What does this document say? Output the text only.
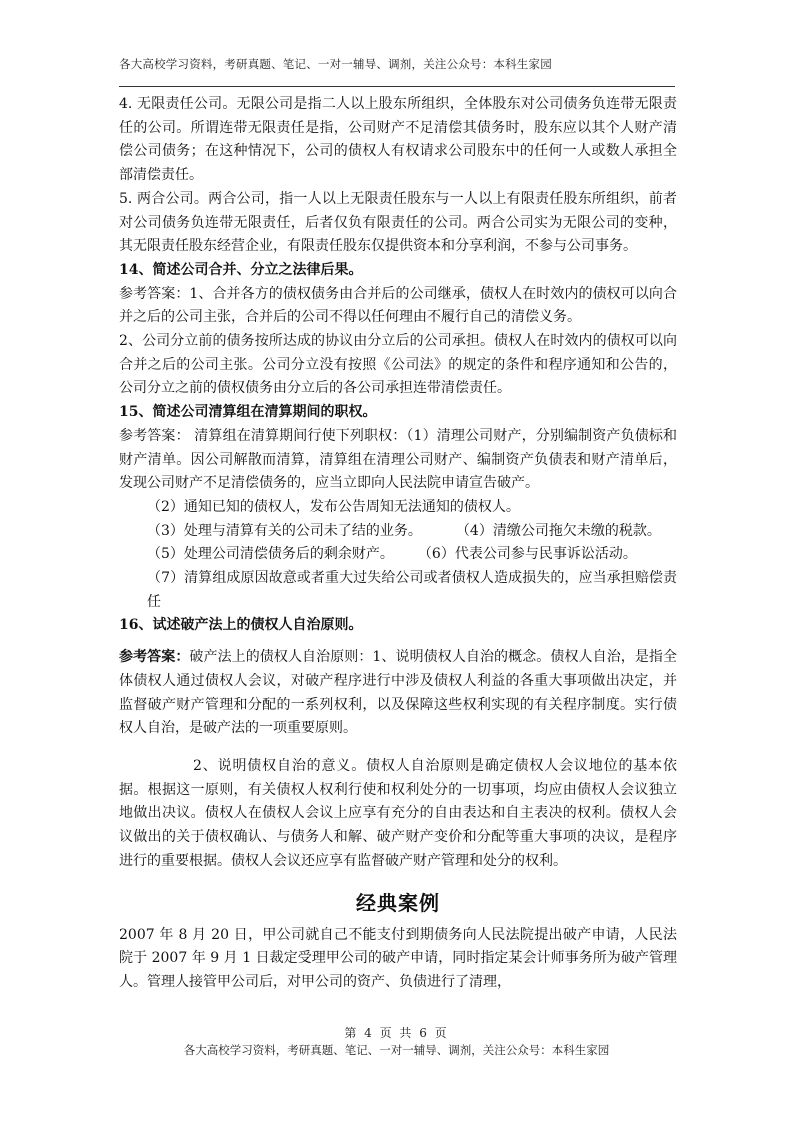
各大高校学习资料，考研真题、笔记、一对一辅导、调剂，关注公众号：本科生家园

4. 无限责任公司。无限公司是指二人以上股东所组织，全体股东对公司债务负连带无限责任的公司。所谓连带无限责任是指，公司财产不足清偿其债务时，股东应以其个人财产清偿公司债务；在这种情况下，公司的债权人有权请求公司股东中的任何一人或数人承担全部清偿责任。

5. 两合公司。两合公司，指一人以上无限责任股东与一人以上有限责任股东所组织，前者对公司债务负连带无限责任，后者仅负有限责任的公司。两合公司实为无限公司的变种，其无限责任股东经营企业，有限责任股东仅提供资本和分享利润，不参与公司事务。

14、简述公司合并、分立之法律后果。

参考答案：1、合并各方的债权债务由合并后的公司继承，债权人在时效内的债权可以向合并之后的公司主张，合并后的公司不得以任何理由不履行自己的清偿义务。

2、公司分立前的债务按所达成的协议由分立后的公司承担。债权人在时效内的债权可以向合并之后的公司主张。公司分立没有按照《公司法》的规定的条件和程序通知和公告的，公司分立之前的债权债务由分立后的各公司承担连带清偿责任。

15、简述公司清算组在清算期间的职权。

参考答案： 清算组在清算期间行使下列职权：（1）清理公司财产，分别编制资产负债标和财产清单。因公司解散而清算，清算组在清理公司财产、编制资产负债表和财产清单后，发现公司财产不足清偿债务的，应当立即向人民法院申请宣告破产。

（2）通知已知的债权人，发布公告周知无法通知的债权人。

（3）处理与清算有关的公司未了结的业务。 （4）清缴公司拖欠未缴的税款。

（5）处理公司清偿债务后的剩余财产。 （6）代表公司参与民事诉讼活动。

（7）清算组成原因故意或者重大过失给公司或者债权人造成损失的，应当承担赔偿责任

16、试述破产法上的债权人自治原则。

参考答案：破产法上的债权人自治原则：1、说明债权人自治的概念。债权人自治，是指全体债权人通过债权人会议，对破产程序进行中涉及债权人利益的各重大事项做出决定，并监督破产财产管理和分配的一系列权利，以及保障这些权利实现的有关程序制度。实行债权人自治，是破产法的一项重要原则。

2、说明债权自治的意义。债权人自治原则是确定债权人会议地位的基本依据。根据这一原则，有关债权人权利行使和权利处分的一切事项，均应由债权人会议独立地做出决议。债权人在债权人会议上应享有充分的自由表达和自主表决的权利。债权人会议做出的关于债权确认、与债务人和解、破产财产变价和分配等重大事项的决议，是程序进行的重要根据。债权人会议还应享有监督破产财产管理和处分的权利。

经典案例

2007 年 8 月 20 日，甲公司就自己不能支付到期债务向人民法院提出破产申请，人民法院于 2007 年 9 月 1 日裁定受理甲公司的破产申请，同时指定某会计师事务所为破产管理人。管理人接管甲公司后，对甲公司的资产、负债进行了清理，

第 4 页 共 6 页
各大高校学习资料，考研真题、笔记、一对一辅导、调剂，关注公众号：本科生家园
